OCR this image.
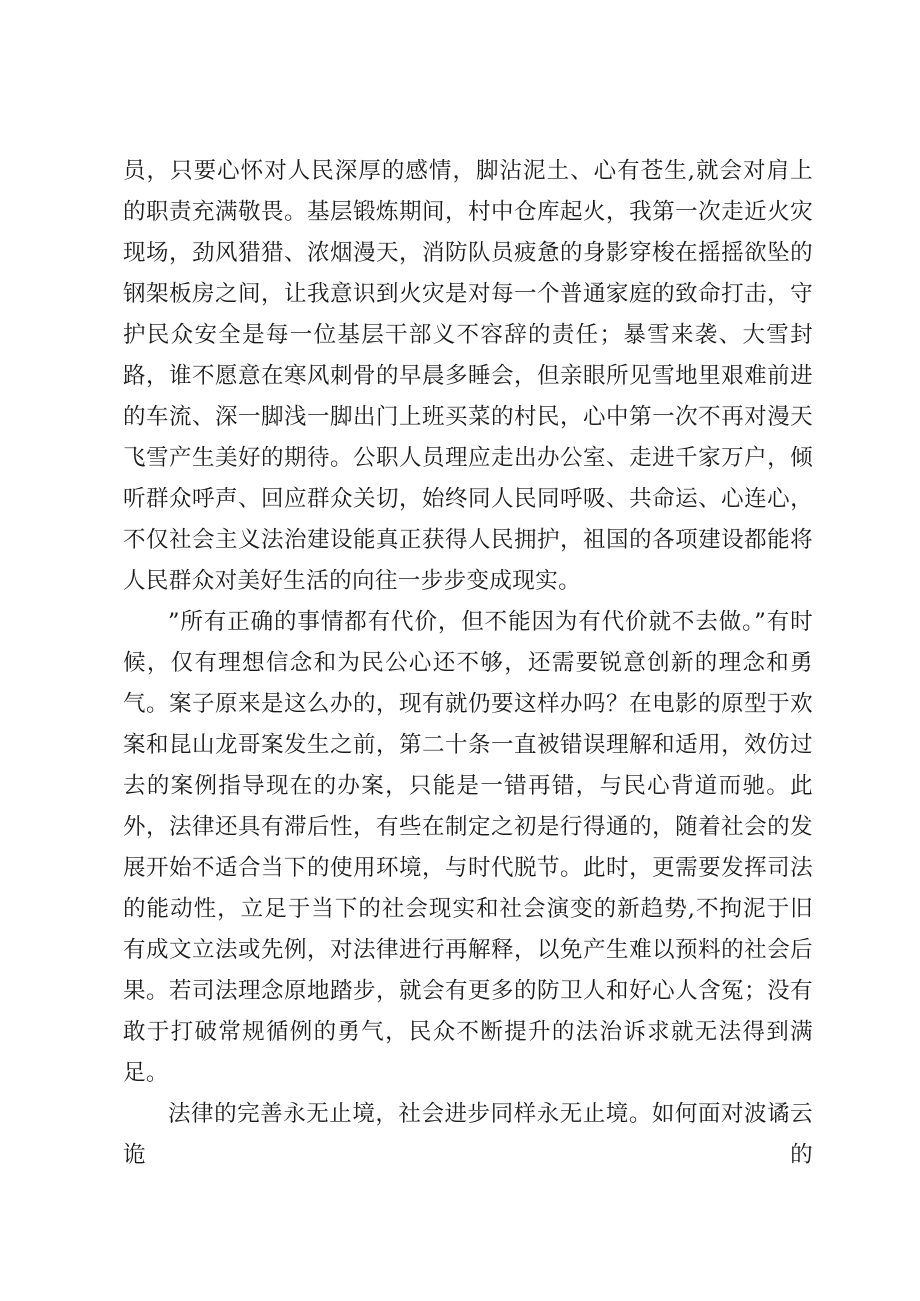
员，只要心怀对人民深厚的感情，脚沾泥土、心有苍生,就会对肩上的职责充满敬畏。基层锻炼期间，村中仓库起火，我第一次走近火灾现场，劲风猎猎、浓烟漫天，消防队员疲惫的身影穿梭在摇摇欲坠的钢架板房之间，让我意识到火灾是对每一个普通家庭的致命打击，守护民众安全是每一位基层干部义不容辞的责任；暴雪来袭、大雪封路，谁不愿意在寒风刺骨的早晨多睡会，但亲眼所见雪地里艰难前进的车流、深一脚浅一脚出门上班买菜的村民，心中第一次不再对漫天飞雪产生美好的期待。公职人员理应走出办公室、走进千家万户，倾听群众呼声、回应群众关切，始终同人民同呼吸、共命运、心连心，不仅社会主义法治建设能真正获得人民拥护，祖国的各项建设都能将人民群众对美好生活的向往一步步变成现实。

”所有正确的事情都有代价，但不能因为有代价就不去做。”有时候，仅有理想信念和为民公心还不够，还需要锐意创新的理念和勇气。案子原来是这么办的，现有就仍要这样办吗？在电影的原型于欢案和昆山龙哥案发生之前，第二十条一直被错误理解和适用，效仿过去的案例指导现在的办案，只能是一错再错，与民心背道而驰。此外，法律还具有滞后性，有些在制定之初是行得通的，随着社会的发展开始不适合当下的使用环境，与时代脱节。此时，更需要发挥司法的能动性，立足于当下的社会现实和社会演变的新趋势,不拘泥于旧有成文立法或先例，对法律进行再解释，以免产生难以预料的社会后果。若司法理念原地踏步，就会有更多的防卫人和好心人含冤；没有敢于打破常规循例的勇气，民众不断提升的法治诉求就无法得到满足。

法律的完善永无止境，社会进步同样永无止境。如何面对波谲云诡的
